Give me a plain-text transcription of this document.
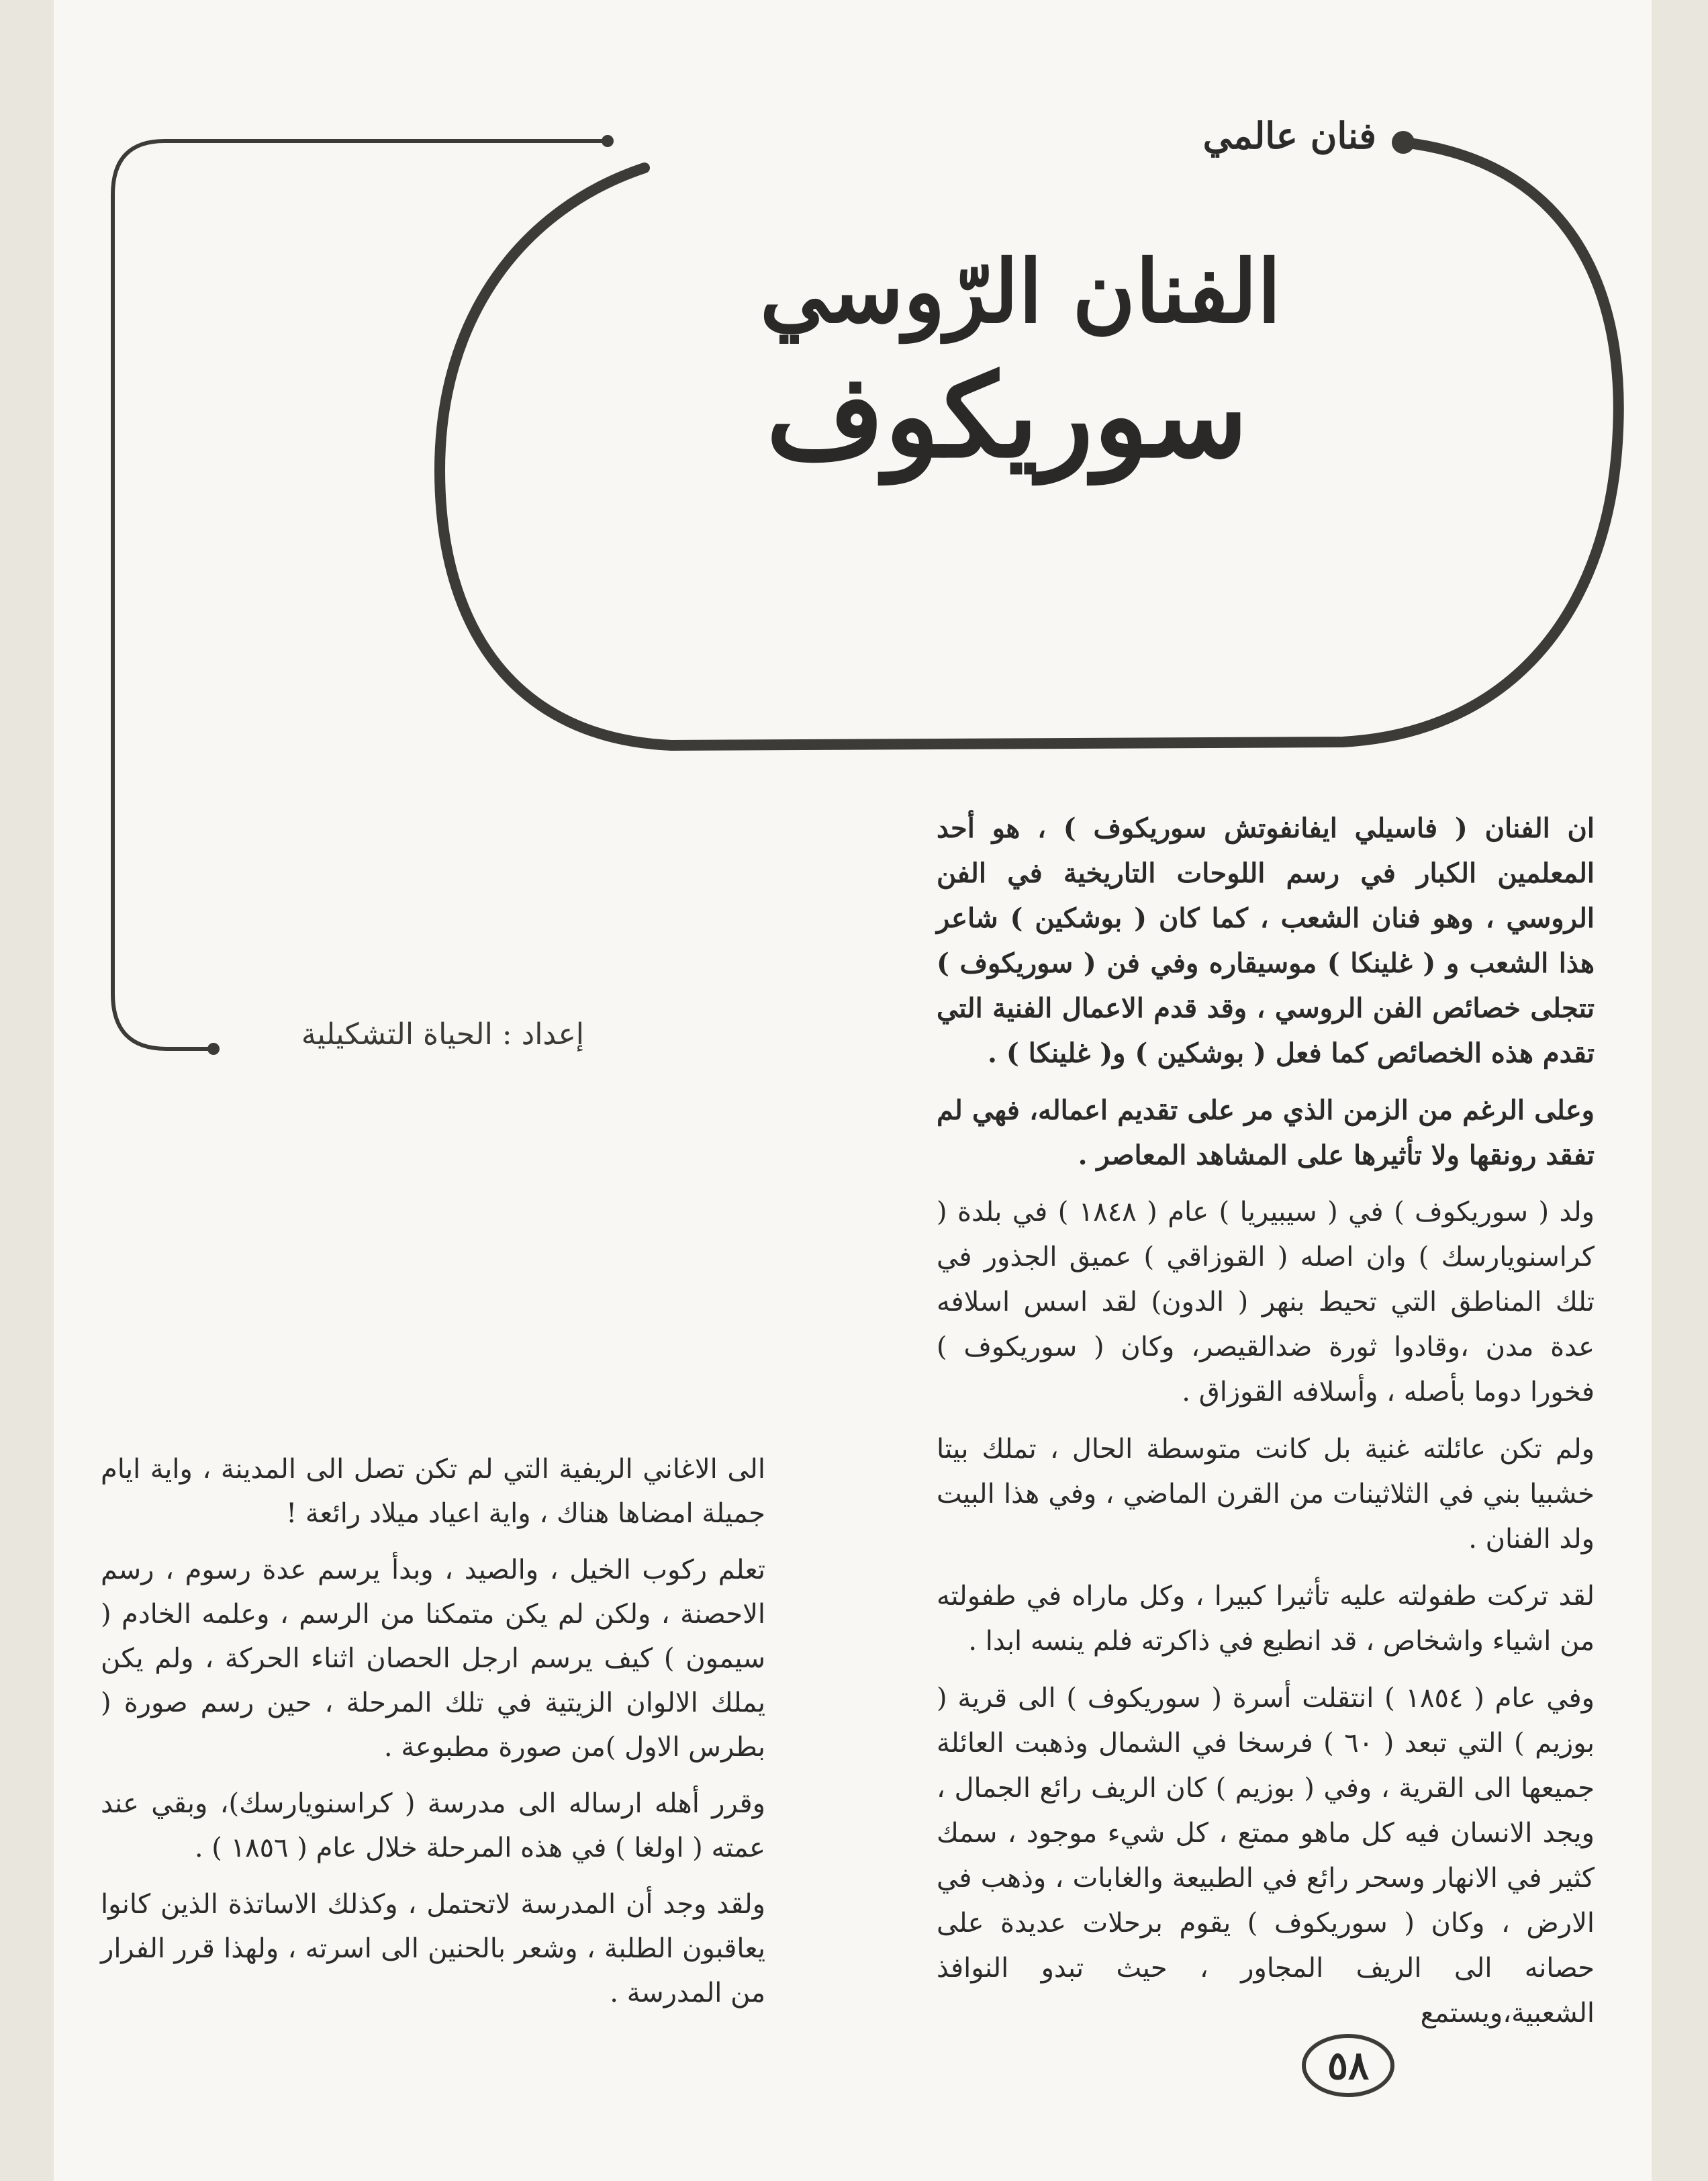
فنان عالمي
الفنان الرّوسي
سوريكوف
إعداد : الحياة التشكيلية

ان الفنان ( فاسيلي ايفانفوتش سوريكوف ) ، هو أحد المعلمين الكبار في رسم اللوحات التاريخية في الفن الروسي ، وهو فنان الشعب ، كما كان ( بوشكين ) شاعر هذا الشعب و ( غلينكا ) موسيقاره وفي فن ( سوريكوف ) تتجلى خصائص الفن الروسي ، وقد قدم الاعمال الفنية التي تقدم هذه الخصائص كما فعل ( بوشكين ) و( غلينكا ) .

وعلى الرغم من الزمن الذي مر على تقديم اعماله، فهي لم تفقد رونقها ولا تأثيرها على المشاهد المعاصر .

ولد ( سوريكوف ) في ( سيبيريا ) عام ( ١٨٤٨ ) في بلدة ( كراسنويارسك ) وان اصله ( القوزاقي ) عميق الجذور في تلك المناطق التي تحيط بنهر ( الدون) لقد اسس اسلافه عدة مدن ،وقادوا ثورة ضدالقيصر، وكان ( سوريكوف ) فخورا دوما بأصله ، وأسلافه القوزاق .

ولم تكن عائلته غنية بل كانت متوسطة الحال ، تملك بيتا خشبيا بني في الثلاثينات من القرن الماضي ، وفي هذا البيت ولد الفنان .

لقد تركت طفولته عليه تأثيرا كبيرا ، وكل ماراه في طفولته من اشياء واشخاص ، قد انطبع في ذاكرته فلم ينسه ابدا .

وفي عام ( ١٨٥٤ ) انتقلت أسرة ( سوريكوف ) الى قرية ( بوزيم ) التي تبعد ( ٦٠ ) فرسخا في الشمال وذهبت العائلة جميعها الى القرية ، وفي ( بوزيم ) كان الريف رائع الجمال ، ويجد الانسان فيه كل ماهو ممتع ، كل شيء موجود ، سمك كثير في الانهار وسحر رائع في الطبيعة والغابات ، وذهب في الارض ، وكان ( سوريكوف ) يقوم برحلات عديدة على حصانه الى الريف المجاور ، حيث تبدو النوافذ الشعبية،ويستمع

الى الاغاني الريفية التي لم تكن تصل الى المدينة ، واية ايام جميلة امضاها هناك ، واية اعياد ميلاد رائعة !

تعلم ركوب الخيل ، والصيد ، وبدأ يرسم عدة رسوم ، رسم الاحصنة ، ولكن لم يكن متمكنا من الرسم ، وعلمه الخادم ( سيمون ) كيف يرسم ارجل الحصان اثناء الحركة ، ولم يكن يملك الالوان الزيتية في تلك المرحلة ، حين رسم صورة ( بطرس الاول )من صورة مطبوعة .

وقرر أهله ارساله الى مدرسة ( كراسنويارسك)، وبقي عند عمته ( اولغا ) في هذه المرحلة خلال عام ( ١٨٥٦ ) .

ولقد وجد أن المدرسة لاتحتمل ، وكذلك الاساتذة الذين كانوا يعاقبون الطلبة ، وشعر بالحنين الى اسرته ، ولهذا قرر الفرار من المدرسة .

٥٨
